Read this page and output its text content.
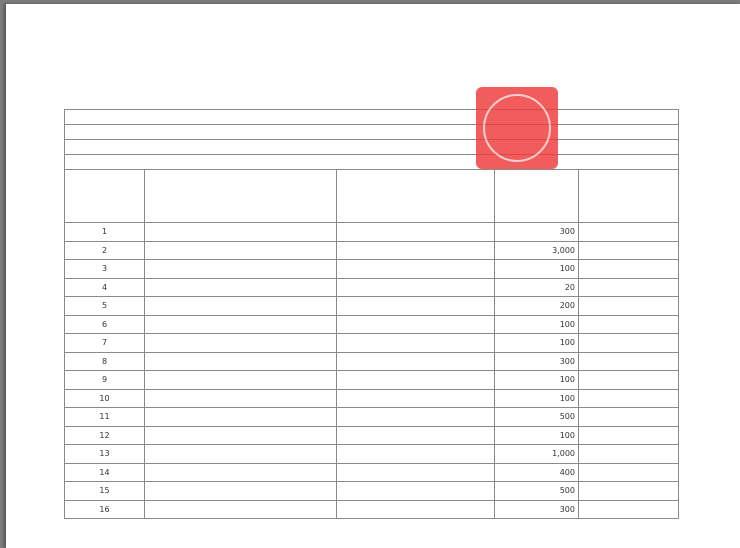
1			300	
2			3,000	
3			100	
4			20	
5			200	
6			100	
7			100	
8			300	
9			100	
10			100	
11			500	
12			100	
13			1,000	
14			400	
15			500	
16			300	
